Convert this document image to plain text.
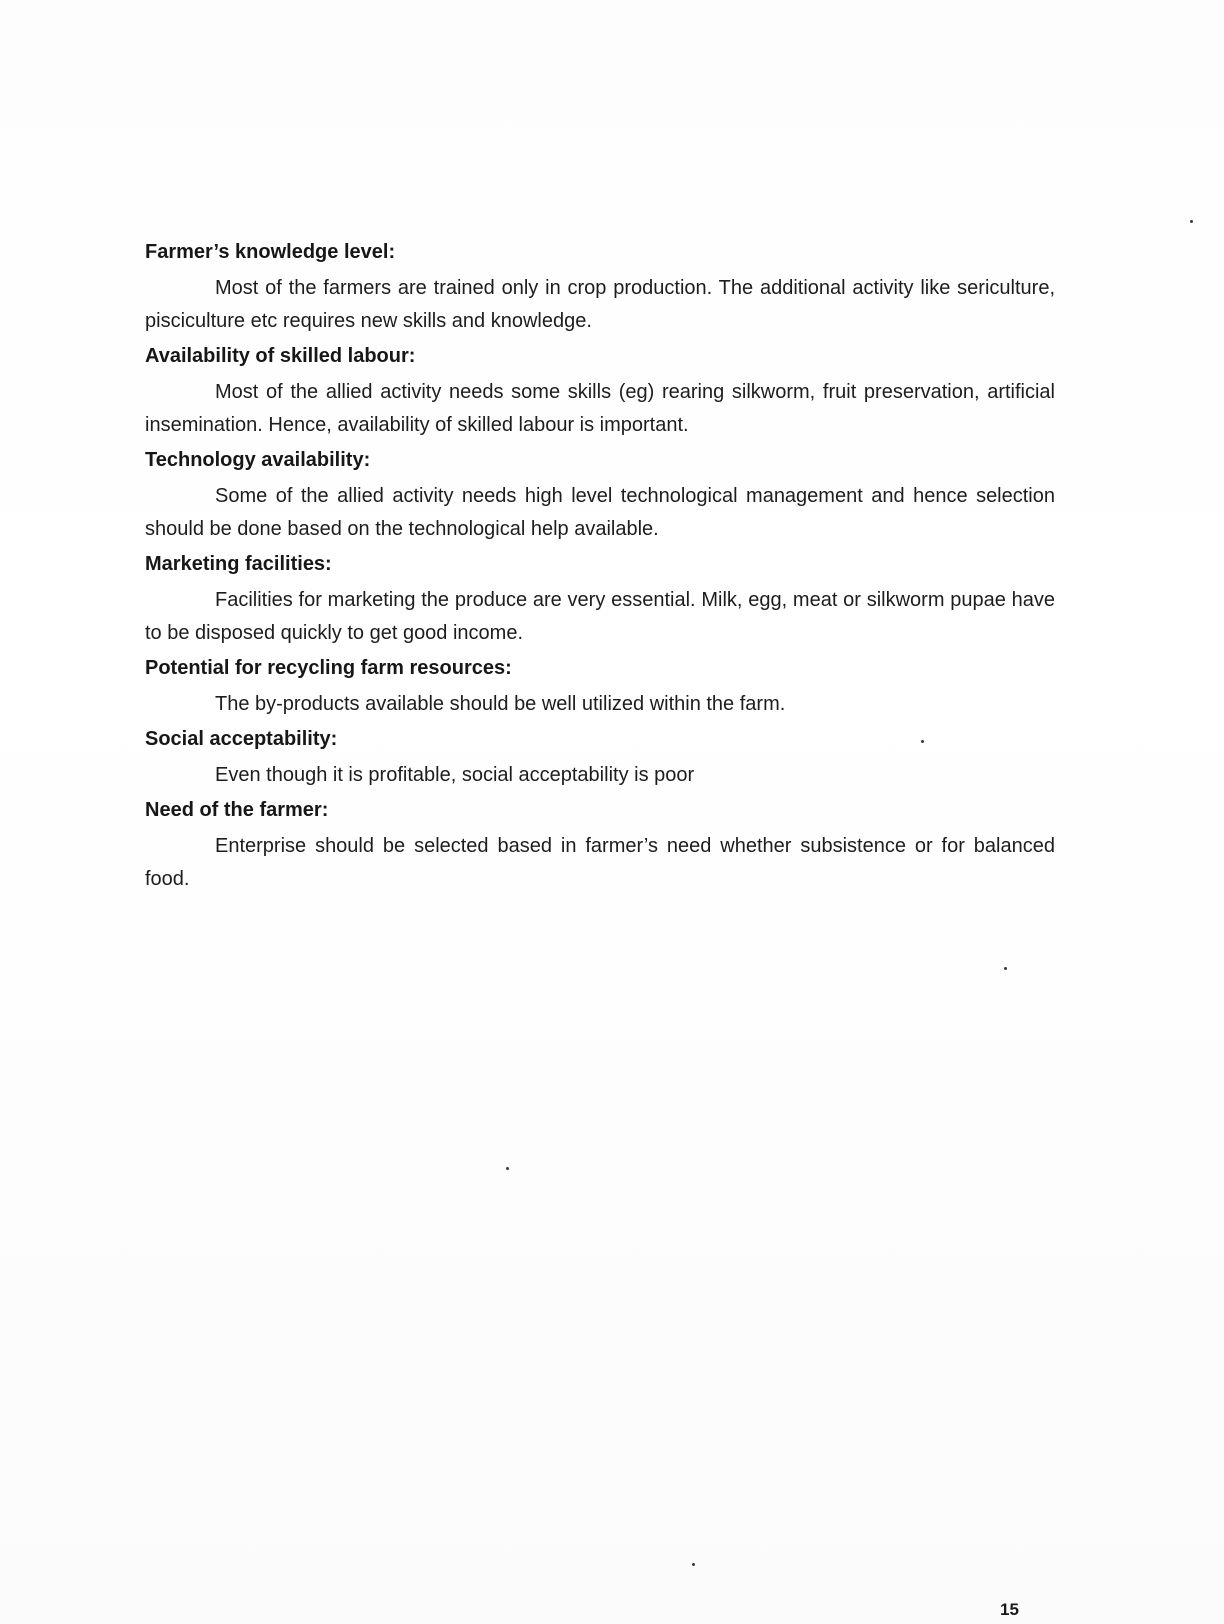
Farmer’s knowledge level:

Most of the farmers are trained only in crop production. The additional activity like sericulture, pisciculture etc requires new skills and knowledge.

Availability of skilled labour:

Most of the allied activity needs some skills (eg) rearing silkworm, fruit preservation, artificial insemination. Hence, availability of skilled labour is important.

Technology availability:

Some of the allied activity needs high level technological management and hence selection should be done based on the technological help available.

Marketing facilities:

Facilities for marketing the produce are very essential. Milk, egg, meat or silkworm pupae have to be disposed quickly to get good income.

Potential for recycling farm resources:

The by-products available should be well utilized within the farm.

Social acceptability:

Even though it is profitable, social acceptability is poor

Need of the farmer:

Enterprise should be selected based in farmer’s need whether subsistence or for balanced food.

15
